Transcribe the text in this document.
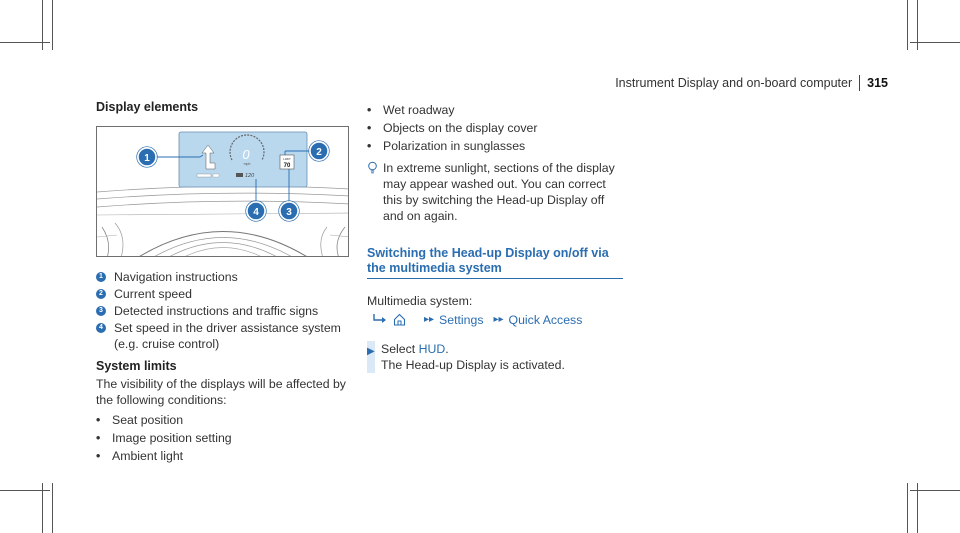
Instrument Display and on-board computer 315
Display elements
0
mph
120
LIMIT
70
1
2
3
4
1 Navigation instructions
2 Current speed
3 Detected instructions and traffic signs
4 Set speed in the driver assistance system (e.g. cruise control)
System limits
The visibility of the displays will be affected by the following conditions:
• Seat position
• Image position setting
• Ambient light
• Wet roadway
• Objects on the display cover
• Polarization in sunglasses
In extreme sunlight, sections of the display may appear washed out. You can correct this by switching the Head-up Display off and on again.
Switching the Head-up Display on/off via the multimedia system
Multimedia system:
▸▸ Settings ▸▸ Quick Access
▶ Select HUD.
The Head-up Display is activated.
